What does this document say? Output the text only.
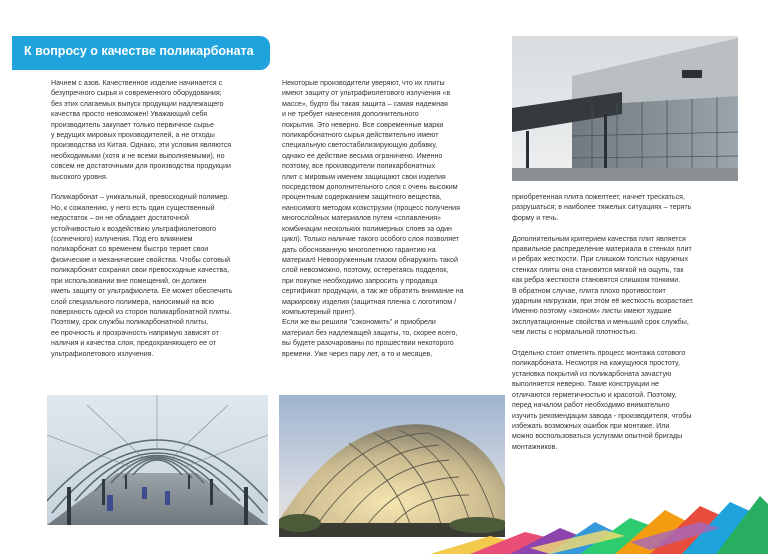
К вопросу о качестве поликарбоната

Начнем с азов. Качественное изделие начинается с
безупречного сырья и современного оборудования;
без этих слагаемых выпуск продукции надлежащего
качества просто невозможен! Уважающий себя
производитель закупает только первичное сырье
у ведущих мировых производителей, а не отходы
производства из Китая. Однако, эти условия являются
необходимыми (хотя и не всеми выполняемыми), но
совсем не достаточными для производства продукции
высокого уровня.

Поликарбонат – уникальный, превосходный полимер.
Но, к сожалению, у него есть один существенный
недостаток – он не обладает достаточной
устойчивостью к воздействию ультрафиолетового
(солнечного) излучения. Под его влиянием
поликарбонат со временем быстро теряет свои
физические и механические свойства. Чтобы сотовый
поликарбонат сохранял свои превосходные качества,
при использовании вне помещений, он должен
иметь защиту от ультрафиолета. Ее может обеспечить
слой специального полимера, наносимый на всю
поверхность одной из сторон поликарбонатной плиты.
Поэтому, срок службы поликарбонатной плиты,
ее прочность и прозрачность напрямую зависят от
наличия и качества слоя, предохраняющего ее от
ультрафиолетового излучения.

Некоторые производители уверяют, что их плиты
имеют защиту от ультрафиолетового излучения «в
массе», будто бы такая защита – самая надежная
и не требует нанесения дополнительного
покрытия. Это неверно. Все современные марки
поликарбонатного сырья действительно имеют
специальную светостабилизирующую добавку,
однако ее действие весьма ограничено. Именно
поэтому, все производители поликарбонатных
плит с мировым именем защищают свои изделия
посредством дополнительного слоя с очень высоким
процентным содержанием защитного вещества,
наносимого методом коэкструзии (процесс получения
многослойных материалов путем «сплавления»
комбинации нескольких полимерных слоев за один
цикл). Только наличие такого особого слоя позволяет
дать обоснованную многолетнюю гарантию на
материал! Невооруженным глазом обнаружить такой
слой невозможно, поэтому, остерегаясь подделок,
при покупке необходимо запросить у продавца
сертификат продукции, а так же обратить внимание на
маркировку изделия (защитная пленка с логотипом /
компьютерный принт).
Если же вы решили "сэкономить" и приобрели
материал без надлежащей защиты, то, скорее всего,
вы будете разочарованы по прошествии некоторого
времени. Уже через пару лет, а то и месяцев,

приобретенная плита пожелтеет, начнет трескаться,
разрушаться; в наиболее тяжелых ситуациях – терять
форму и течь.

Дополнительным критерием качества плит является
правильное распределение материала в стенках плит
и ребрах жесткости. При слишком толстых наружных
стенках плиты она становится мягкой на ощупь, так
как ребра жесткости становятся слишком тонкими.
В обратном случае, плита плохо противостоит
ударным нагрузкам, при этом её жесткость возрастает.
Именно поэтому «эконом» листы имеют худшие
эксплуатационные свойства и меньший срок службы,
чем листы с нормальной плотностью.

Отдельно стоит отметить процесс монтажа сотового
поликарбоната. Несмотря на кажущуюся простоту,
установка покрытий из поликарбоната зачастую
выполняется неверно. Такие конструкции не
отличаются герметичностью и красотой. Поэтому,
перед началом работ необходимо внимательно
изучить рекомендации завода - производителя, чтобы
избежать возможных ошибок при монтаже. Или
можно воспользоваться услугами опытной бригады
монтажников.
